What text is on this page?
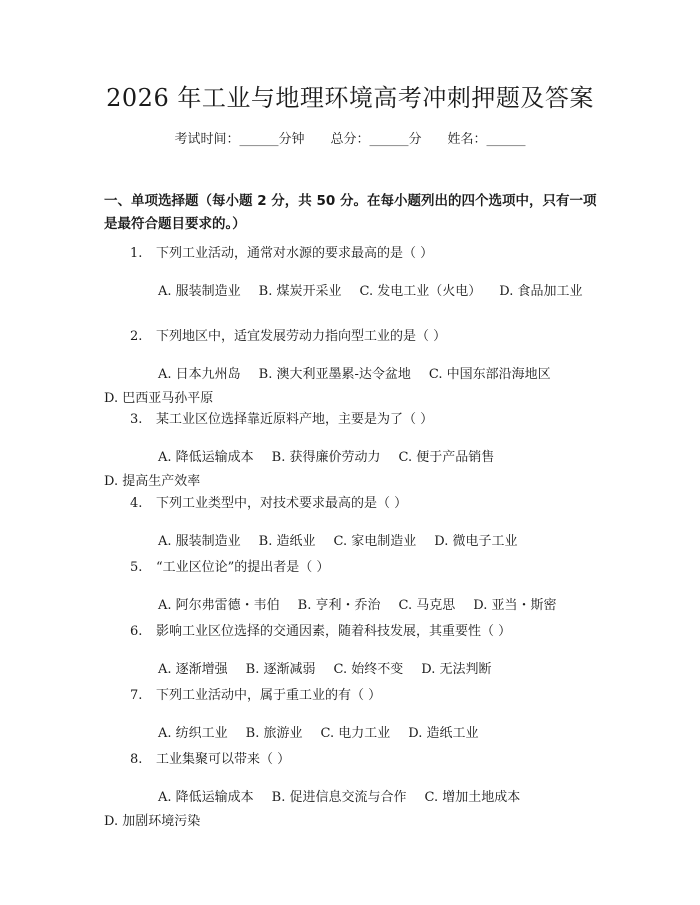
2026 年工业与地理环境高考冲刺押题及答案
考试时间：______分钟 总分：______分 姓名：______
一、单项选择题（每小题 2 分，共 50 分。在每小题列出的四个选项中，只有一项是最符合题目要求的。）
1. 下列工业活动，通常对水源的要求最高的是（ ）
A. 服装制造业 B. 煤炭开采业 C. 发电工业（火电） D. 食品加工业
2. 下列地区中，适宜发展劳动力指向型工业的是（ ）
A. 日本九州岛 B. 澳大利亚墨累-达令盆地 C. 中国东部沿海地区D. 巴西亚马孙平原
3. 某工业区位选择靠近原料产地，主要是为了（ ）
A. 降低运输成本 B. 获得廉价劳动力 C. 便于产品销售D. 提高生产效率
4. 下列工业类型中，对技术要求最高的是（ ）
A. 服装制造业 B. 造纸业 C. 家电制造业 D. 微电子工业
5. “工业区位论”的提出者是（ ）
A. 阿尔弗雷德・韦伯 B. 亨利・乔治 C. 马克思 D. 亚当・斯密
6. 影响工业区位选择的交通因素，随着科技发展，其重要性（ ）
A. 逐渐增强 B. 逐渐减弱 C. 始终不变 D. 无法判断
7. 下列工业活动中，属于重工业的有（ ）
A. 纺织工业 B. 旅游业 C. 电力工业 D. 造纸工业
8. 工业集聚可以带来（ ）
A. 降低运输成本 B. 促进信息交流与合作 C. 增加土地成本D. 加剧环境污染
